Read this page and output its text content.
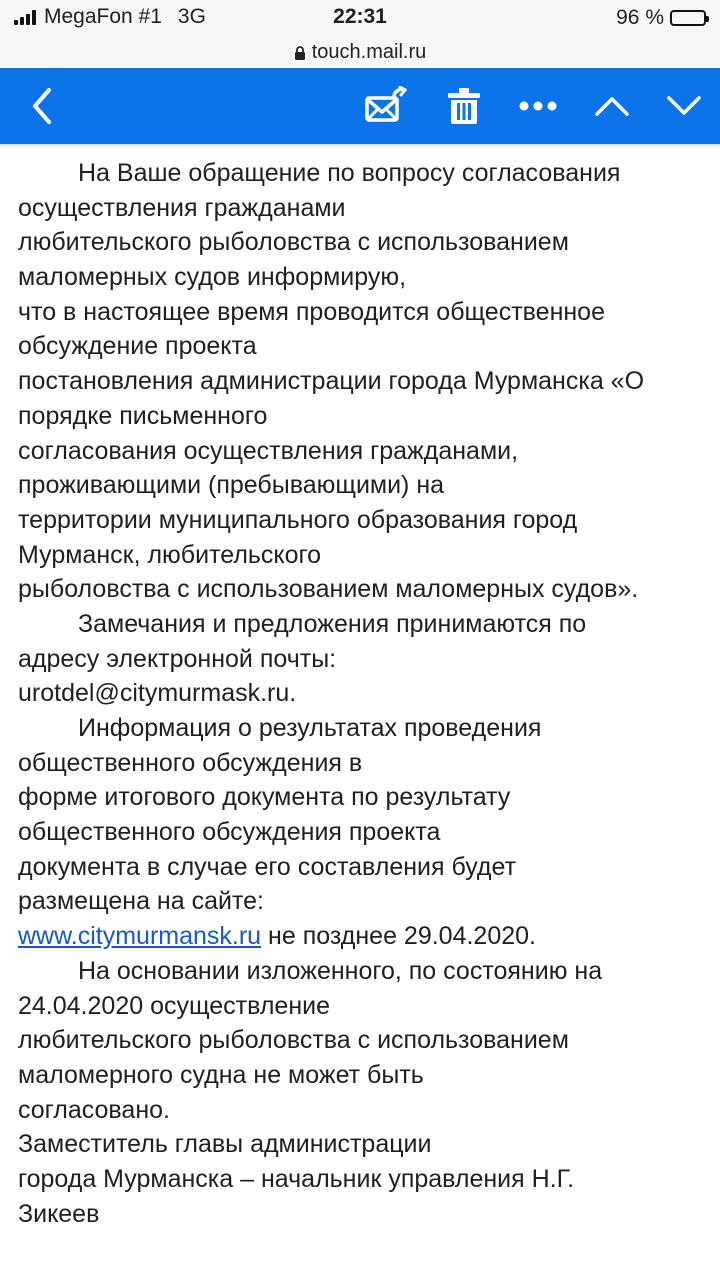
MegaFon #1 3G	22:31	96 %
touch.mail.ru
На Ваше обращение по вопросу согласования
осуществления гражданами
любительского рыболовства с использованием
маломерных судов информирую,
что в настоящее время проводится общественное
обсуждение проекта
постановления администрации города Мурманска «О
порядке письменного
согласования осуществления гражданами,
проживающими (пребывающими) на
территории муниципального образования город
Мурманск, любительского
рыболовства с использованием маломерных судов».
Замечания и предложения принимаются по
адресу электронной почты:
urotdel@citymurmask.ru.
Информация о результатах проведения
общественного обсуждения в
форме итогового документа по результату
общественного обсуждения проекта
документа в случае его составления будет
размещена на сайте:
www.citymurmansk.ru не позднее 29.04.2020.
На основании изложенного, по состоянию на
24.04.2020 осуществление
любительского рыболовства с использованием
маломерного судна не может быть
согласовано.
Заместитель главы администрации
города Мурманска – начальник управления Н.Г.
Зикеев
